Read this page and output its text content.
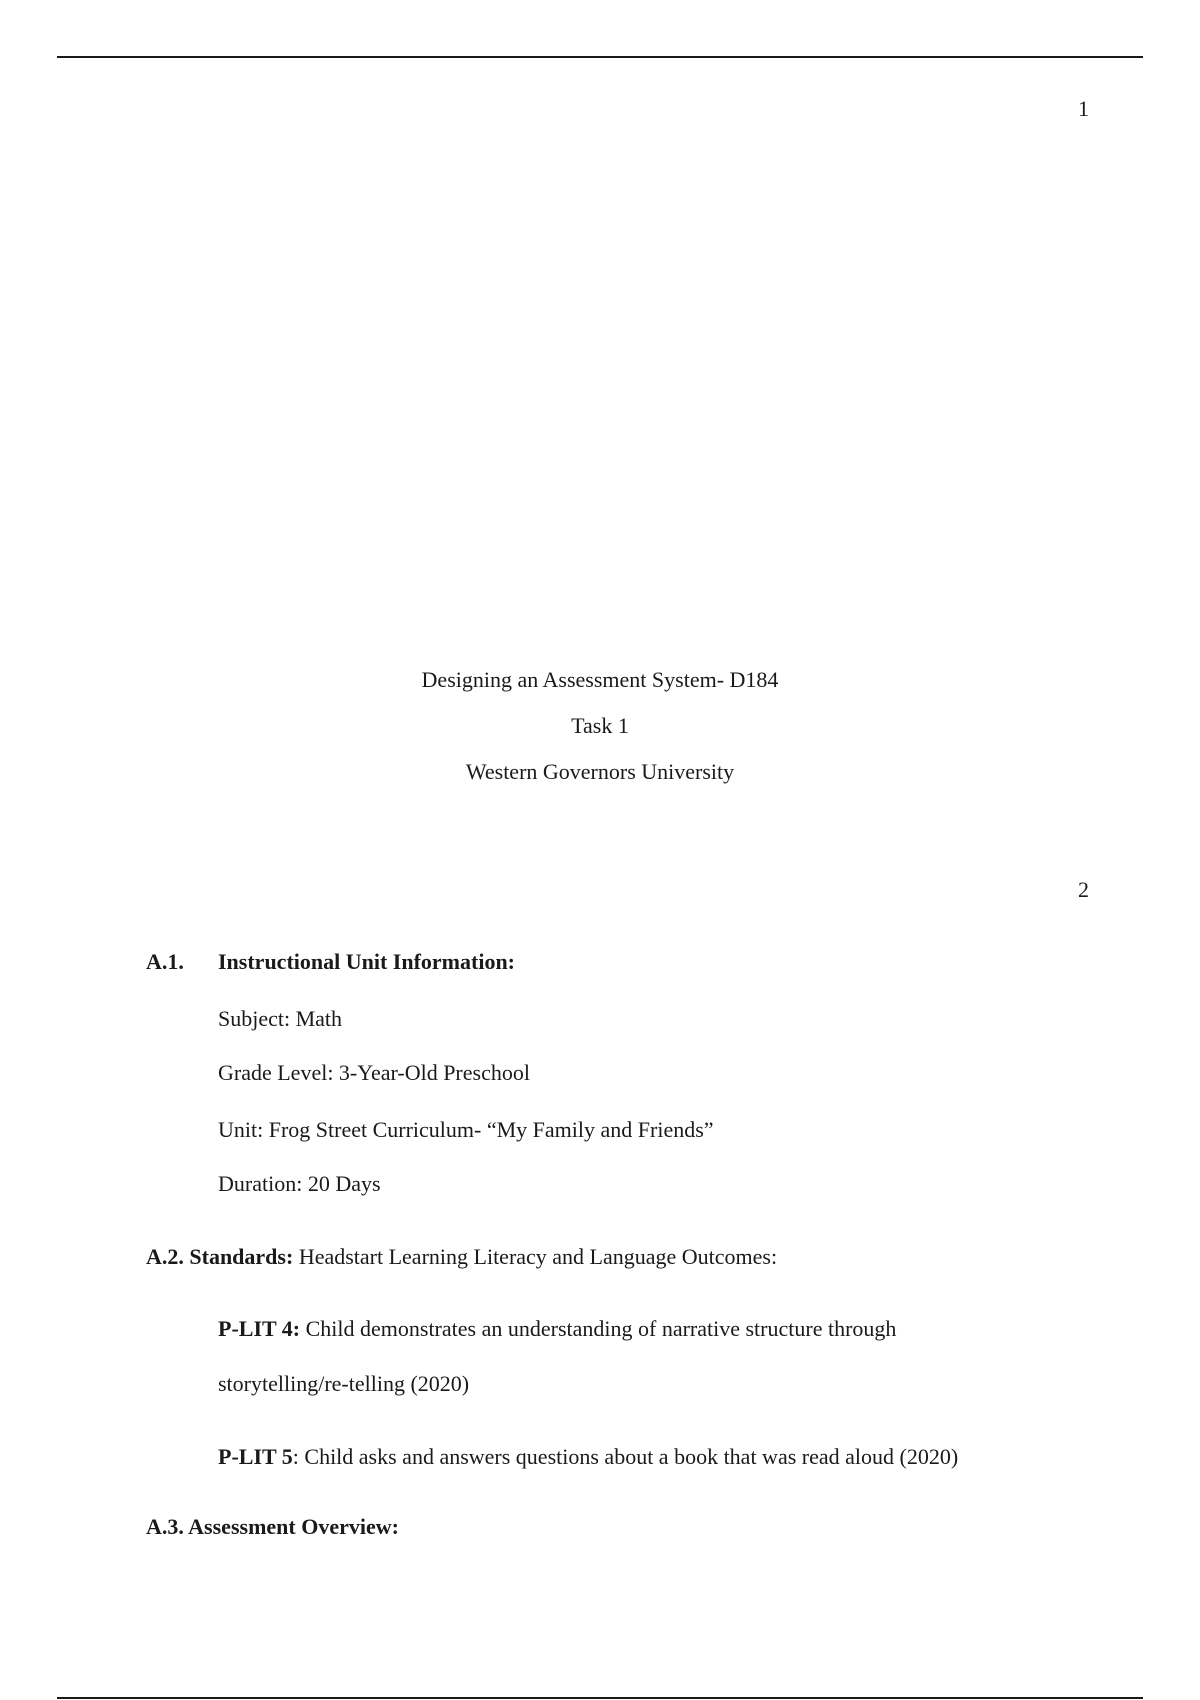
1
Designing an Assessment System- D184
Task 1
Western Governors University
2
A.1. Instructional Unit Information:
Subject: Math
Grade Level: 3-Year-Old Preschool
Unit: Frog Street Curriculum- “My Family and Friends”
Duration: 20 Days
A.2. Standards: Headstart Learning Literacy and Language Outcomes:
P-LIT 4: Child demonstrates an understanding of narrative structure through
storytelling/re-telling (2020)
P-LIT 5: Child asks and answers questions about a book that was read aloud (2020)
A.3. Assessment Overview:
